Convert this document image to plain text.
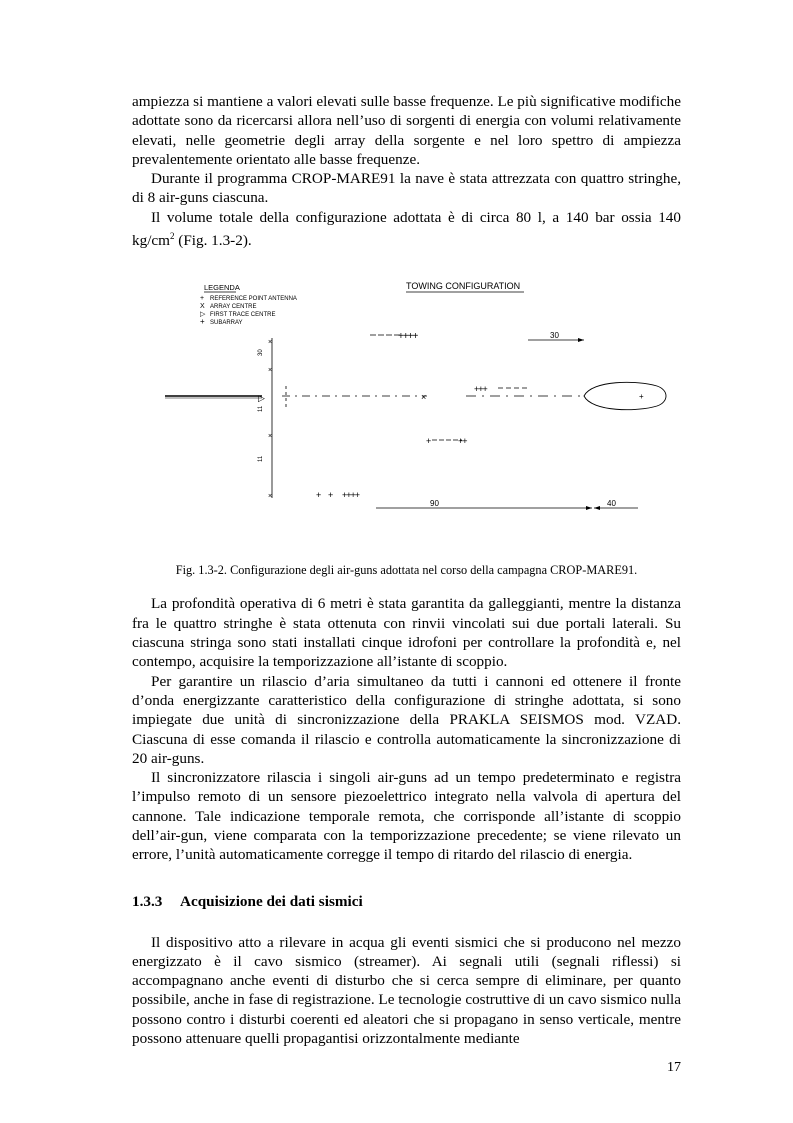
ampiezza si mantiene a valori elevati sulle basse frequenze. Le più significative modifiche adottate sono da ricercarsi allora nell’uso di sorgenti di energia con volumi relativamente elevati, nelle geometrie degli array della sorgente e nel loro spettro di ampiezza prevalentemente orientato alle basse frequenze.

Durante il programma CROP-MARE91 la nave è stata attrezzata con quattro stringhe, di 8 air-guns ciascuna.

Il volume totale della configurazione adottata è di circa 80 l, a 140 bar ossia 140 $kg/cm^2$ (Fig. 1.3-2).

LEGENDA
+ REFERENCE POINT ANTENNA
X ARRAY CENTRE
▷ FIRST TRACE CENTRE
+ SUBARRAY
TOWING CONFIGURATION
▷	×
×
×
×
×
30
11
11
++++
+++
+	++
+ + ++++
+
30
90	40

Fig. 1.3-2. Configurazione degli air-guns adottata nel corso della campagna CROP-MARE91.

La profondità operativa di 6 metri è stata garantita da galleggianti, mentre la distanza fra le quattro stringhe è stata ottenuta con rinvii vincolati sui due portali laterali. Su ciascuna stringa sono stati installati cinque idrofoni per controllare la profondità e, nel contempo, acquisire la temporizzazione all’istante di scoppio.

Per garantire un rilascio d’aria simultaneo da tutti i cannoni ed ottenere il fronte d’onda energizzante caratteristico della configurazione di stringhe adottata, si sono impiegate due unità di sincronizzazione della PRAKLA SEISMOS mod. VZAD. Ciascuna di esse comanda il rilascio e controlla automaticamente la sincronizzazione di 20 air-guns.

Il sincronizzatore rilascia i singoli air-guns ad un tempo predeterminato e registra l’impulso remoto di un sensore piezoelettrico integrato nella valvola di apertura del cannone. Tale indicazione temporale remota, che corrisponde all’istante di scoppio dell’air-gun, viene comparata con la temporizzazione precedente; se viene rilevato un errore, l’unità automaticamente corregge il tempo di ritardo del rilascio di energia.

1.3.3 Acquisizione dei dati sismici

Il dispositivo atto a rilevare in acqua gli eventi sismici che si producono nel mezzo energizzato è il cavo sismico (streamer). Ai segnali utili (segnali riflessi) si accompagnano anche eventi di disturbo che si cerca sempre di eliminare, per quanto possibile, anche in fase di registrazione. Le tecnologie costruttive di un cavo sismico nulla possono contro i disturbi coerenti ed aleatori che si propagano in senso verticale, mentre possono attenuare quelli propagantisi orizzontalmente mediante

17
